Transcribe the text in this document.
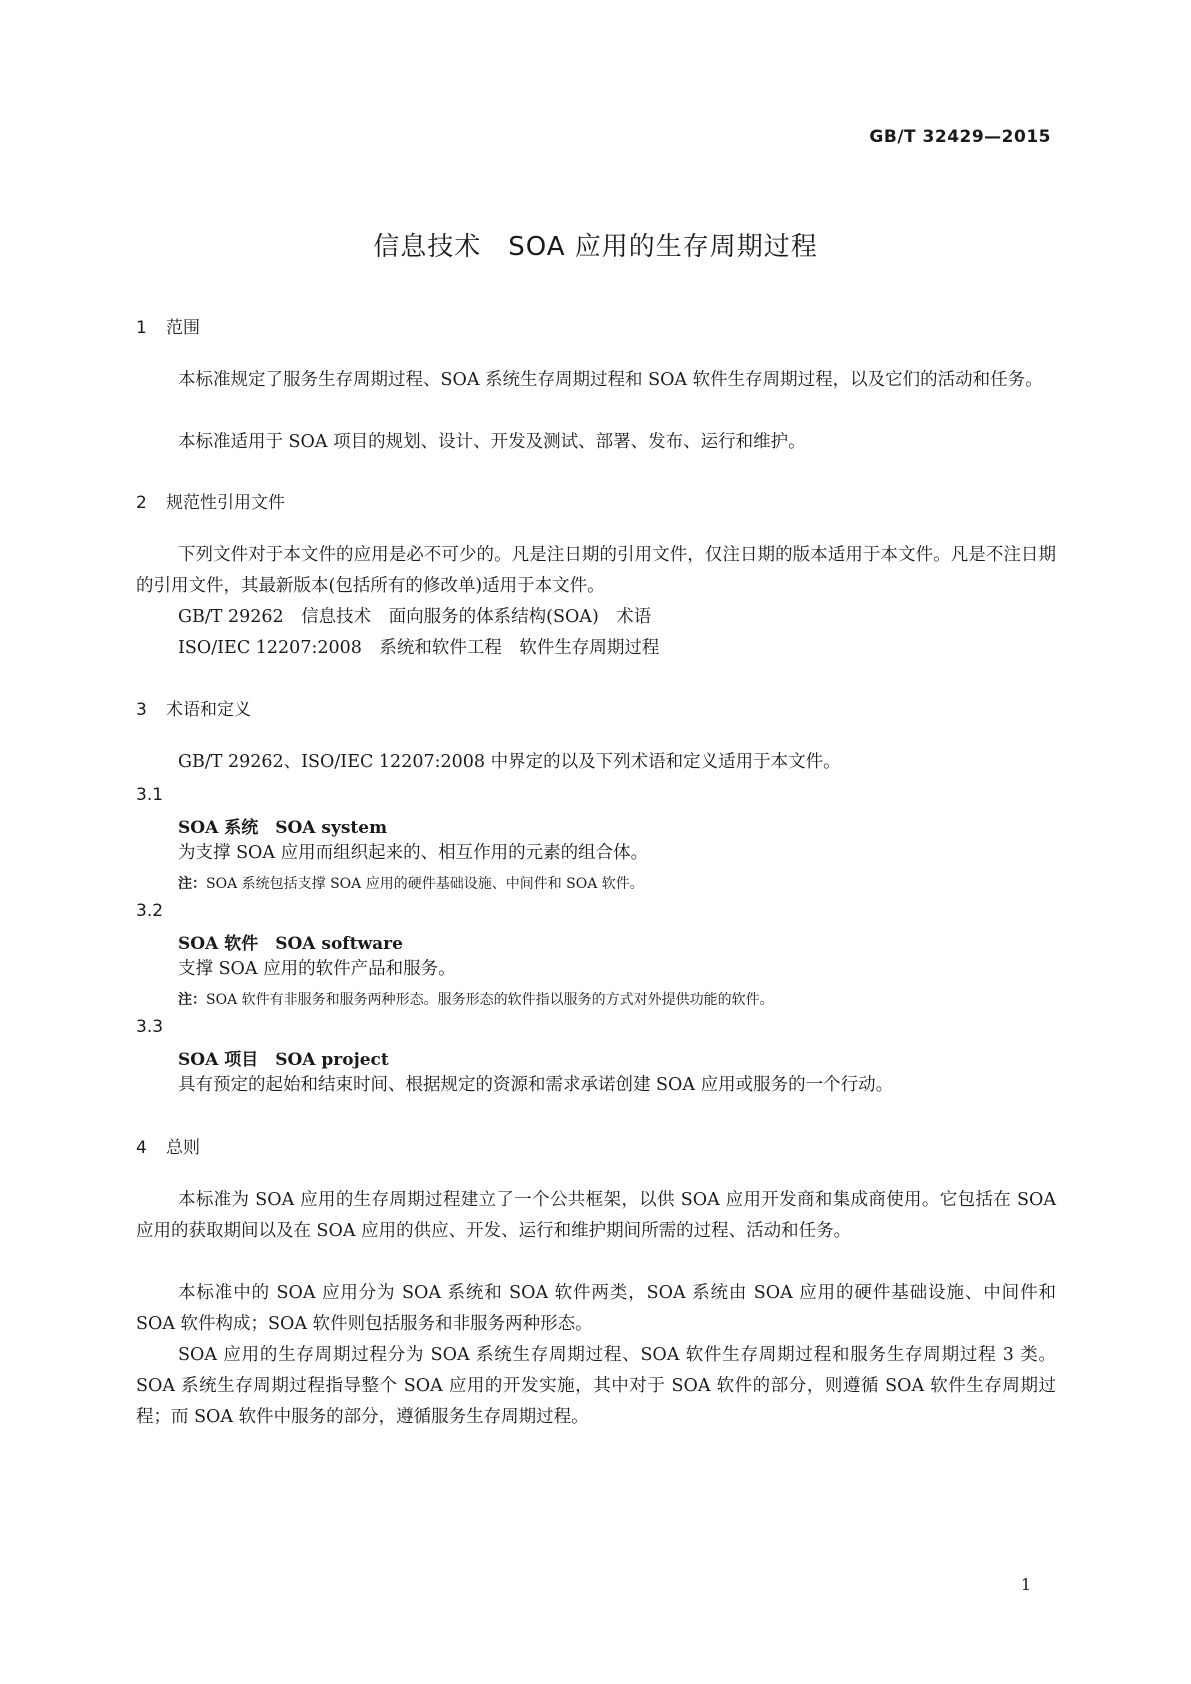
GB/T 32429—2015
信息技术　SOA 应用的生存周期过程
1 范围
本标准规定了服务生存周期过程、SOA 系统生存周期过程和 SOA 软件生存周期过程，以及它们的活动和任务。
本标准适用于 SOA 项目的规划、设计、开发及测试、部署、发布、运行和维护。
2 规范性引用文件
下列文件对于本文件的应用是必不可少的。凡是注日期的引用文件，仅注日期的版本适用于本文件。凡是不注日期的引用文件，其最新版本(包括所有的修改单)适用于本文件。
GB/T 29262　信息技术　面向服务的体系结构(SOA)　术语
ISO/IEC 12207:2008　系统和软件工程　软件生存周期过程
3 术语和定义
GB/T 29262、ISO/IEC 12207:2008 中界定的以及下列术语和定义适用于本文件。
3.1
SOA 系统　SOA system
为支撑 SOA 应用而组织起来的、相互作用的元素的组合体。
注：SOA 系统包括支撑 SOA 应用的硬件基础设施、中间件和 SOA 软件。
3.2
SOA 软件　SOA software
支撑 SOA 应用的软件产品和服务。
注：SOA 软件有非服务和服务两种形态。服务形态的软件指以服务的方式对外提供功能的软件。
3.3
SOA 项目　SOA project
具有预定的起始和结束时间、根据规定的资源和需求承诺创建 SOA 应用或服务的一个行动。
4 总则
本标准为 SOA 应用的生存周期过程建立了一个公共框架，以供 SOA 应用开发商和集成商使用。它包括在 SOA 应用的获取期间以及在 SOA 应用的供应、开发、运行和维护期间所需的过程、活动和任务。
本标准中的 SOA 应用分为 SOA 系统和 SOA 软件两类，SOA 系统由 SOA 应用的硬件基础设施、中间件和 SOA 软件构成；SOA 软件则包括服务和非服务两种形态。
SOA 应用的生存周期过程分为 SOA 系统生存周期过程、SOA 软件生存周期过程和服务生存周期过程 3 类。SOA 系统生存周期过程指导整个 SOA 应用的开发实施，其中对于 SOA 软件的部分，则遵循 SOA 软件生存周期过程；而 SOA 软件中服务的部分，遵循服务生存周期过程。
1
